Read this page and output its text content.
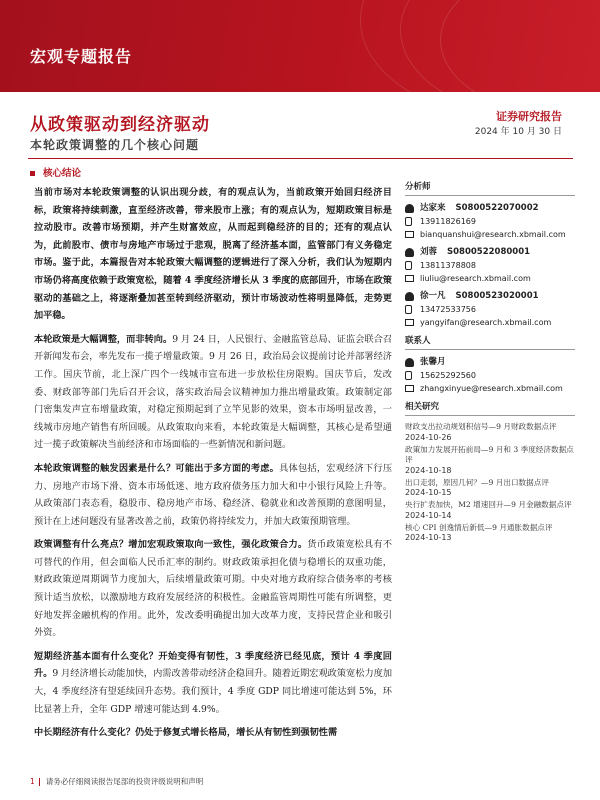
宏观专题报告
从政策驱动到经济驱动
本轮政策调整的几个核心问题
证券研究报告
2024 年 10 月 30 日
核心结论

当前市场对本轮政策调整的认识出现分歧，有的观点认为，当前政策开始回归经济目标，政策将持续刺激，直至经济改善，带来股市上涨；有的观点认为，短期政策目标是拉动股市。改善市场预期，并产生财富效应，从而起到稳经济的目的；还有的观点认为，此前股市、债市与房地产市场过于悲观，脱离了经济基本面，监管部门有义务稳定市场。鉴于此，本篇报告对本轮政策大幅调整的逻辑进行了深入分析，我们认为短期内市场仍将高度依赖于政策宽松，随着 4 季度经济增长从 3 季度的底部回升，市场在政策驱动的基础之上，将逐渐叠加甚至转到经济驱动，预计市场波动性将明显降低，走势更加平稳。

本轮政策是大幅调整，而非转向。9 月 24 日，人民银行、金融监管总局、证监会联合召开新闻发布会，率先发布一揽子增量政策。9 月 26 日，政治局会议提前讨论并部署经济工作。国庆节前，北上深广四个一线城市宣布进一步放松住房限购。国庆节后，发改委、财政部等部门先后召开会议，落实政治局会议精神加力推出增量政策。政策制定部门密集发声宣布增量政策，对稳定预期起到了立竿见影的效果，资本市场明显改善，一线城市房地产销售有所回暖。从政策取向来看，本轮政策是大幅调整，其核心是希望通过一揽子政策解决当前经济和市场面临的一些新情况和新问题。

本轮政策调整的触发因素是什么？可能出于多方面的考虑。具体包括，宏观经济下行压力、房地产市场下滑、资本市场低迷、地方政府债务压力加大和中小银行风险上升等。从政策部门表态看，稳股市、稳房地产市场、稳经济、稳就业和改善预期的意图明显，预计在上述问题没有显著改善之前，政策仍将持续发力，并加大政策预期管理。

政策调整有什么亮点？增加宏观政策取向一致性，强化政策合力。货币政策宽松具有不可替代的作用，但会面临人民币汇率的制约。财政政策承担化债与稳增长的双重功能，财政政策逆周期调节力度加大，后续增量政策可期。中央对地方政府综合债务率的考核预计适当放松，以激励地方政府发展经济的积极性。金融监管周期性可能有所调整，更好地发挥金融机构的作用。此外，发改委明确提出加大改革力度，支持民营企业和吸引外资。

短期经济基本面有什么变化？开始变得有韧性，3 季度经济已经见底，预计 4 季度回升。9 月经济增长动能加快，内需改善带动经济企稳回升。随着近期宏观政策宽松力度加大，4 季度经济有望延续回升态势。我们预计，4 季度 GDP 同比增速可能达到 5%，环比显著上升，全年 GDP 增速可能达到 4.9%。

中长期经济有什么变化？仍处于修复式增长格局，增长从有韧性到强韧性需

分析师
达家来 S0800522070002
13911826169
bianquanshui@research.xbmail.com
刘蓉 S0800522080001
13811378808
liuliu@research.xbmail.com
徐一凡 S0800523020001
13472533756
yangyifan@research.xbmail.com
联系人
张馨月
15625292560
zhangxinyue@research.xbmail.com
相关研究
财政支出拉动规划积信号—9 月财政数据点评
2024-10-26
政策加力发展开拓前局—9 月和 3 季度经济数据点评
2024-10-18
出口走弱，原因几何？—9 月出口数据点评
2024-10-15
央行扩表加快，M2 增速回升—9 月金融数据点评
2024-10-14
核心 CPI 创逸情后新低—9 月通胀数据点评
2024-10-13
1 请务必仔细阅读报告尾部的投资评级说明和声明
